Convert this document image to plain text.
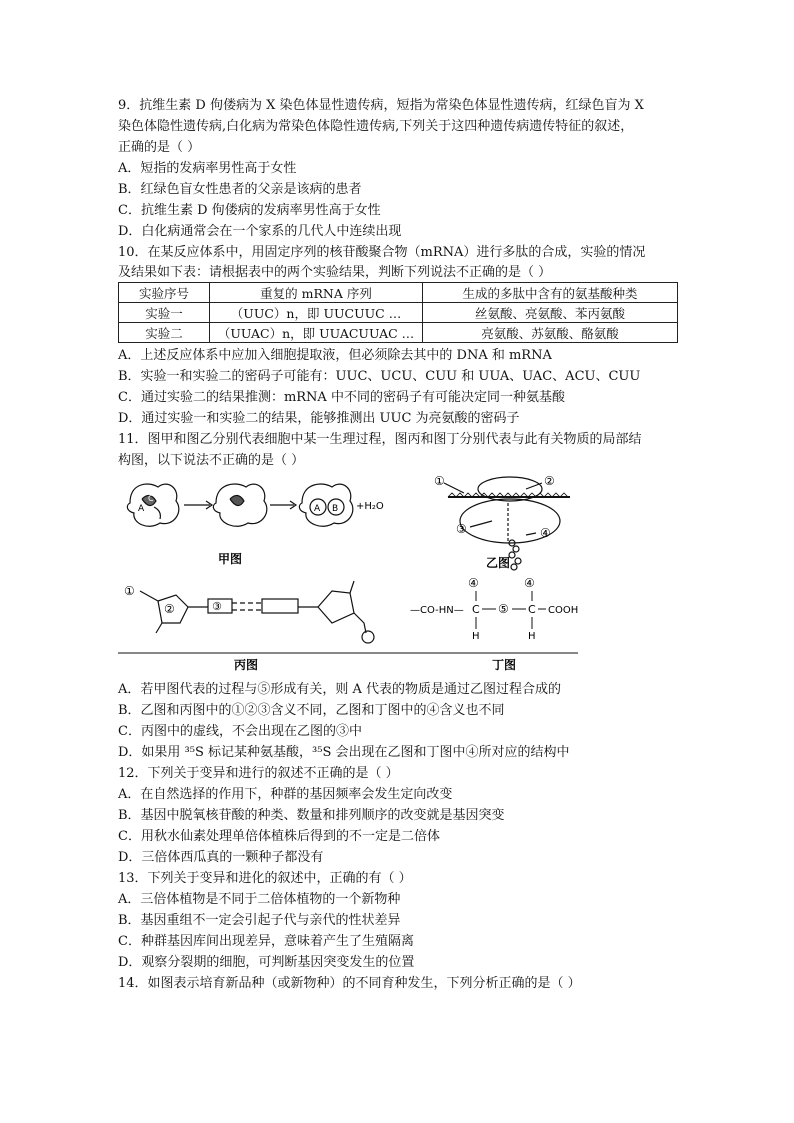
9．抗维生素 D 佝偻病为 X 染色体显性遗传病，短指为常染色体显性遗传病，红绿色盲为 X
染色体隐性遗传病,白化病为常染色体隐性遗传病,下列关于这四种遗传病遗传特征的叙述，
正确的是（ ）
A．短指的发病率男性高于女性
B．红绿色盲女性患者的父亲是该病的患者
C．抗维生素 D 佝偻病的发病率男性高于女性
D．白化病通常会在一个家系的几代人中连续出现
10．在某反应体系中，用固定序列的核苷酸聚合物（mRNA）进行多肽的合成，实验的情况
及结果如下表：请根据表中的两个实验结果，判断下列说法不正确的是（ ）
实验序号	重复的 mRNA 序列	生成的多肽中含有的氨基酸种类
实验一	（UUC）n，即 UUCUUC …	丝氨酸、亮氨酸、苯丙氨酸
实验二	（UUAC）n，即 UUACUUAC …	亮氨酸、苏氨酸、酪氨酸
A．上述反应体系中应加入细胞提取液，但必须除去其中的 DNA 和 mRNA
B．实验一和实验二的密码子可能有：UUC、UCU、CUU 和 UUA、UAC、ACU、CUU
C．通过实验二的结果推测：mRNA 中不同的密码子有可能决定同一种氨基酸
D．通过实验一和实验二的结果，能够推测出 UUC 为亮氨酸的密码子
11．图甲和图乙分别代表细胞中某一生理过程，图丙和图丁分别代表与此有关物质的局部结
构图，以下说法不正确的是（ ）
A
C
A B +H₂O
甲图
①	②
③	④
乙图
①
②	③
丙图
—CO-HN— C	C COOH
H	H
④	④
⑤
丁图
A．若甲图代表的过程与⑤形成有关，则 A 代表的物质是通过乙图过程合成的
B．乙图和丙图中的①②③含义不同，乙图和丁图中的④含义也不同
C．丙图中的虚线，不会出现在乙图的③中
D．如果用 ³⁵S 标记某种氨基酸，³⁵S 会出现在乙图和丁图中④所对应的结构中
12．下列关于变异和进行的叙述不正确的是（ ）
A．在自然选择的作用下，种群的基因频率会发生定向改变
B．基因中脱氧核苷酸的种类、数量和排列顺序的改变就是基因突变
C．用秋水仙素处理单倍体植株后得到的不一定是二倍体
D．三倍体西瓜真的一颗种子都没有
13．下列关于变异和进化的叙述中，正确的有（ ）
A．三倍体植物是不同于二倍体植物的一个新物种
B．基因重组不一定会引起子代与亲代的性状差异
C．种群基因库间出现差异，意味着产生了生殖隔离
D．观察分裂期的细胞，可判断基因突变发生的位置
14．如图表示培育新品种（或新物种）的不同育种发生，下列分析正确的是（ ）
